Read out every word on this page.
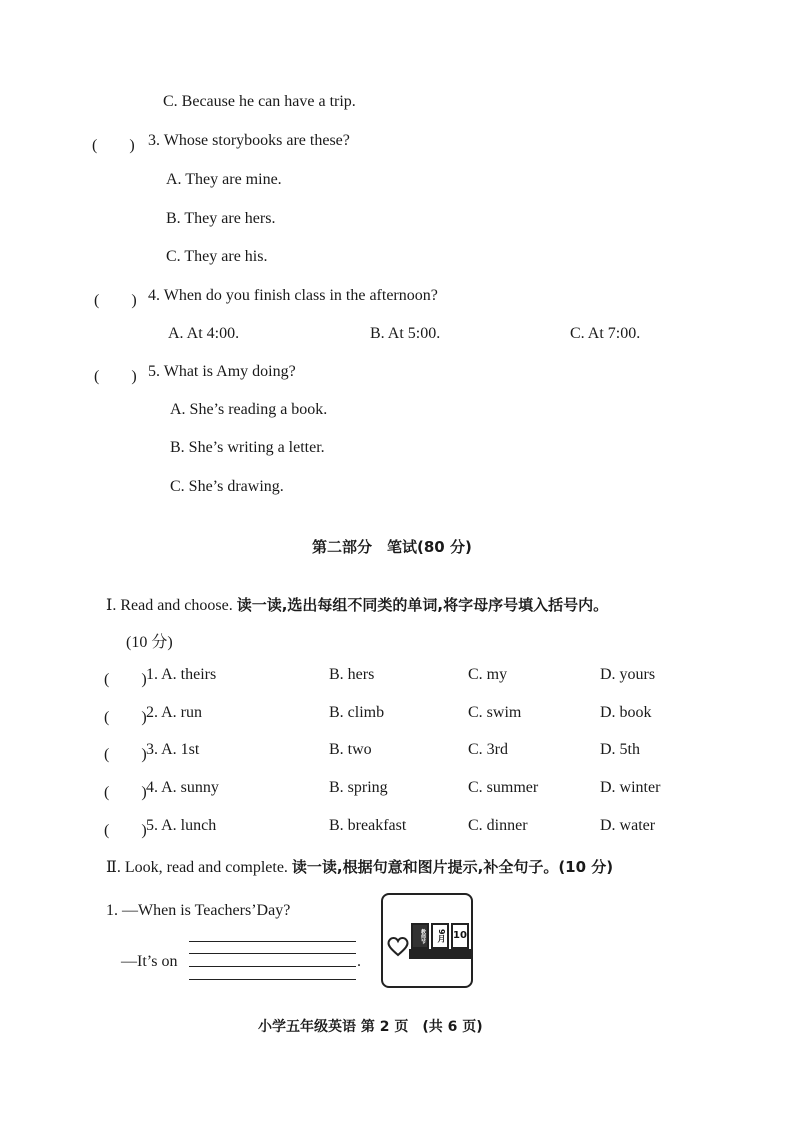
C. Because he can have a trip.
(　　) 3. Whose storybooks are these?
A. They are mine.
B. They are hers.
C. They are his.
(　　) 4. When do you finish class in the afternoon?
A. At 4:00.	B. At 5:00.	C. At 7:00.
(　　) 5. What is Amy doing?
A. She’s reading a book.
B. She’s writing a letter.
C. She’s drawing.
第二部分　笔试(80 分)
Ⅰ. Read and choose. 读一读,选出每组不同类的单词,将字母序号填入括号内。
(10 分)
(　　) 1. A. theirs	B. hers	C. my	D. yours
(　　) 2. A. run	B. climb	C. swim	D. book
(　　) 3. A. 1st	B. two	C. 3rd	D. 5th
(　　) 4. A. sunny	B. spring	C. summer	D. winter
(　　) 5. A. lunch	B. breakfast	C. dinner	D. water
Ⅱ. Look, read and complete. 读一读,根据句意和图片提示,补全句子。(10 分)
1. —When is Teachers’Day?
—It’s on	.
教师节	9月 10
小学五年级英语 第 2 页　(共 6 页)
